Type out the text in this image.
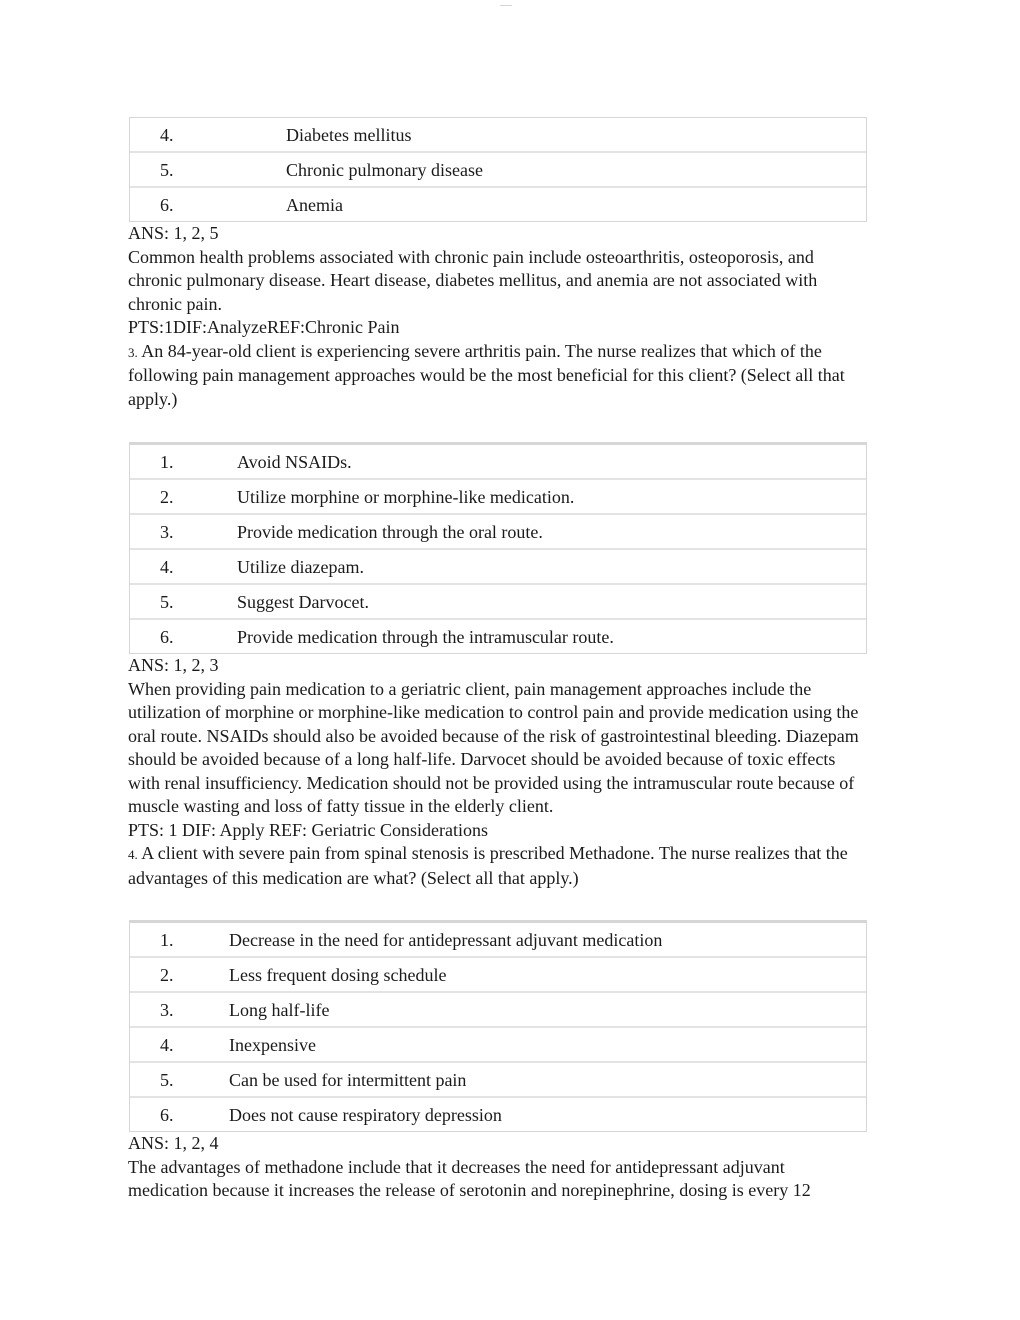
___
4.	Diabetes mellitus
5.	Chronic pulmonary disease
6.	Anemia

ANS: 1, 2, 5

Common health problems associated with chronic pain include osteoarthritis, osteoporosis, and chronic pulmonary disease. Heart disease, diabetes mellitus, and anemia are not associated with chronic pain.

PTS:1DIF:AnalyzeREF:Chronic Pain

3. An 84-year-old client is experiencing severe arthritis pain. The nurse realizes that which of the following pain management approaches would be the most beneficial for this client? (Select all that apply.)

1.	Avoid NSAIDs.
2.	Utilize morphine or morphine-like medication.
3.	Provide medication through the oral route.
4.	Utilize diazepam.
5.	Suggest Darvocet.
6.	Provide medication through the intramuscular route.

ANS: 1, 2, 3

When providing pain medication to a geriatric client, pain management approaches include the utilization of morphine or morphine-like medication to control pain and provide medication using the oral route. NSAIDs should also be avoided because of the risk of gastrointestinal bleeding. Diazepam should be avoided because of a long half-life. Darvocet should be avoided because of toxic effects with renal insufficiency. Medication should not be provided using the intramuscular route because of muscle wasting and loss of fatty tissue in the elderly client.

PTS: 1 DIF: Apply REF: Geriatric Considerations

4. A client with severe pain from spinal stenosis is prescribed Methadone. The nurse realizes that the advantages of this medication are what? (Select all that apply.)

1.	Decrease in the need for antidepressant adjuvant medication
2.	Less frequent dosing schedule
3.	Long half-life
4.	Inexpensive
5.	Can be used for intermittent pain
6.	Does not cause respiratory depression

ANS: 1, 2, 4

The advantages of methadone include that it decreases the need for antidepressant adjuvant medication because it increases the release of serotonin and norepinephrine, dosing is every 12
